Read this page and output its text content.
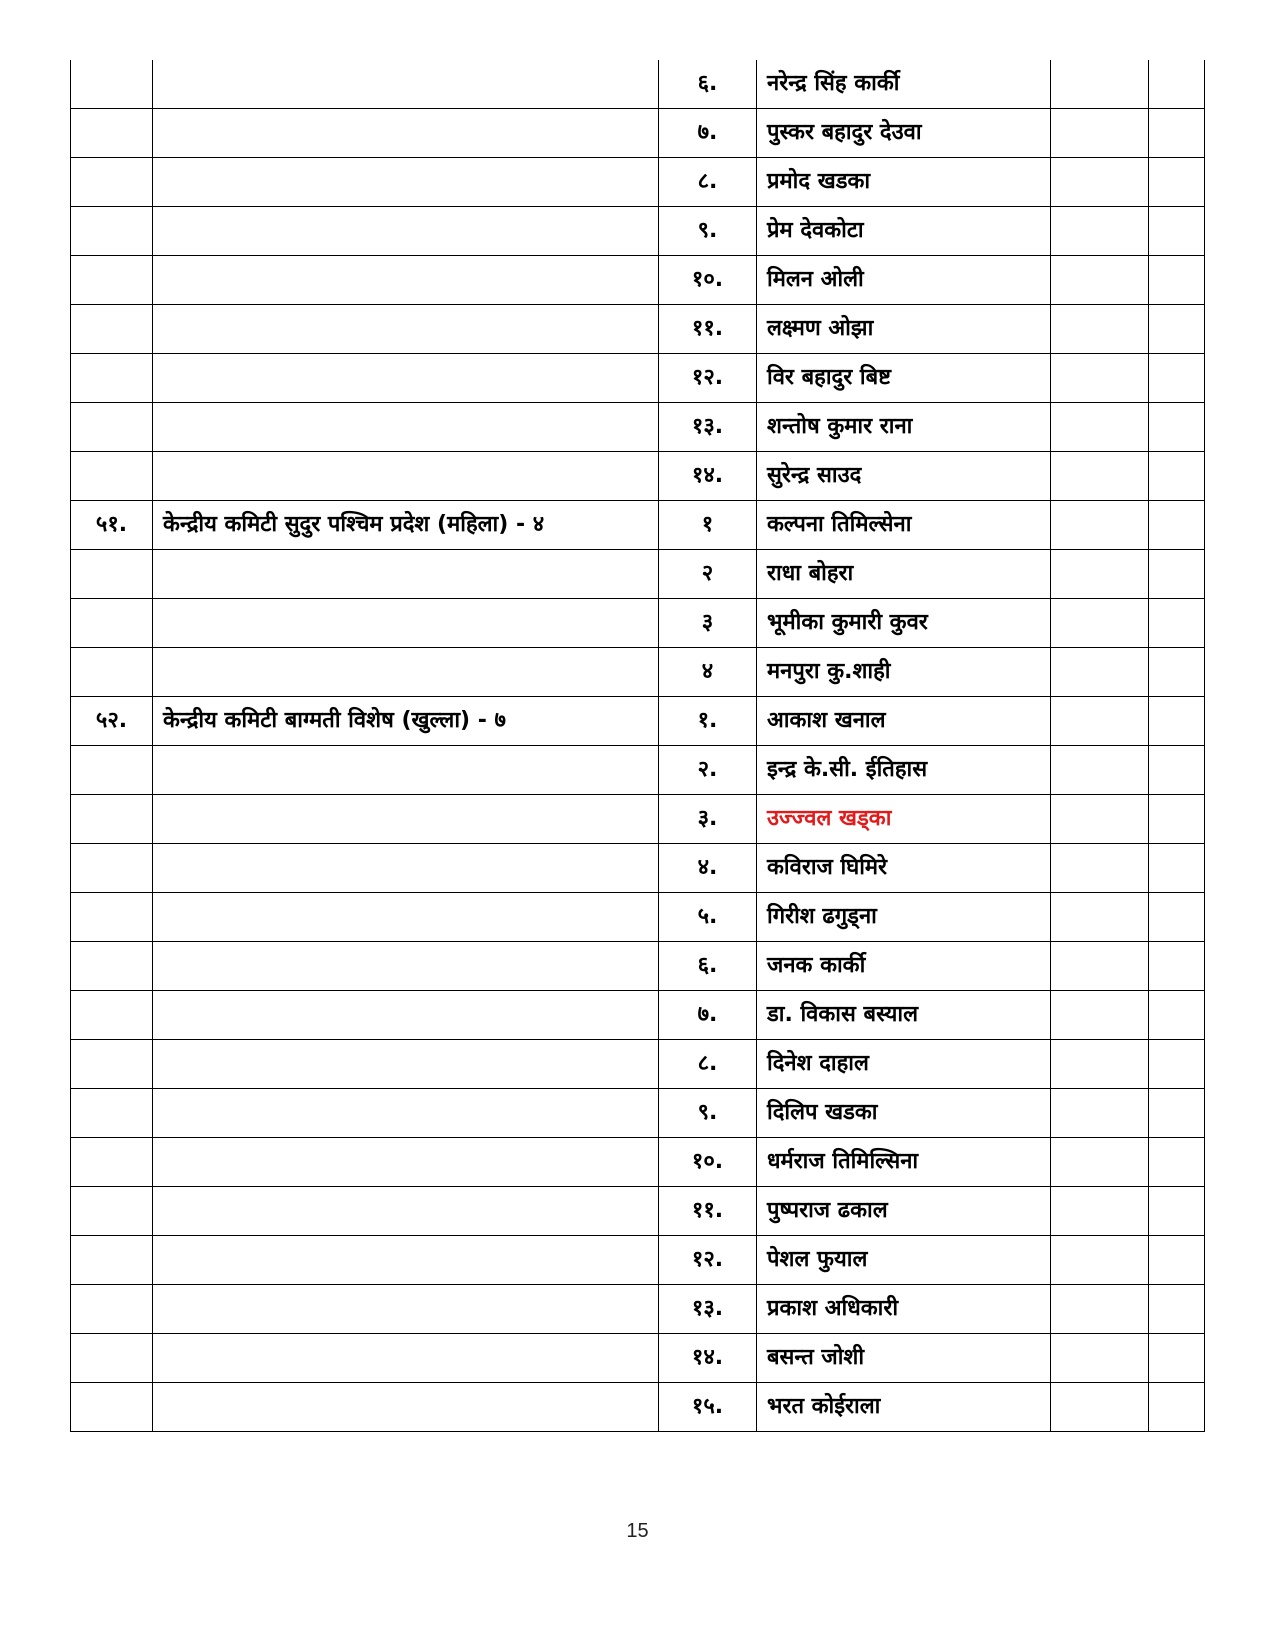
		६.	नरेन्द्र सिंह कार्की		
		७.	पुस्कर बहादुर देउवा		
		८.	प्रमोद खडका		
		९.	प्रेम देवकोटा		
		१०.	मिलन ओली		
		११.	लक्ष्मण ओझा		
		१२.	विर बहादुर बिष्ट		
		१३.	शन्तोष कुमार राना		
		१४.	सुरेन्द्र साउद		
५१.	केन्द्रीय कमिटी सुदुर पश्चिम प्रदेश (महिला) - ४	१	कल्पना तिमिल्सेना		
		२	राधा बोहरा		
		३	भूमीका कुमारी कुवर		
		४	मनपुरा कु.शाही		
५२.	केन्द्रीय कमिटी बाग्मती विशेष (खुल्ला) - ७	१.	आकाश खनाल		
		२.	इन्द्र के.सी. ईतिहास		
		३.	उज्ज्वल खड्का		
		४.	कविराज घिमिरे		
		५.	गिरीश ढगुड्ना		
		६.	जनक कार्की		
		७.	डा. विकास बस्याल		
		८.	दिनेश दाहाल		
		९.	दिलिप खडका		
		१०.	धर्मराज तिमिल्सिना		
		११.	पुष्पराज ढकाल		
		१२.	पेशल फुयाल		
		१३.	प्रकाश अधिकारी		
		१४.	बसन्त जोशी		
		१५.	भरत कोईराला		
15
